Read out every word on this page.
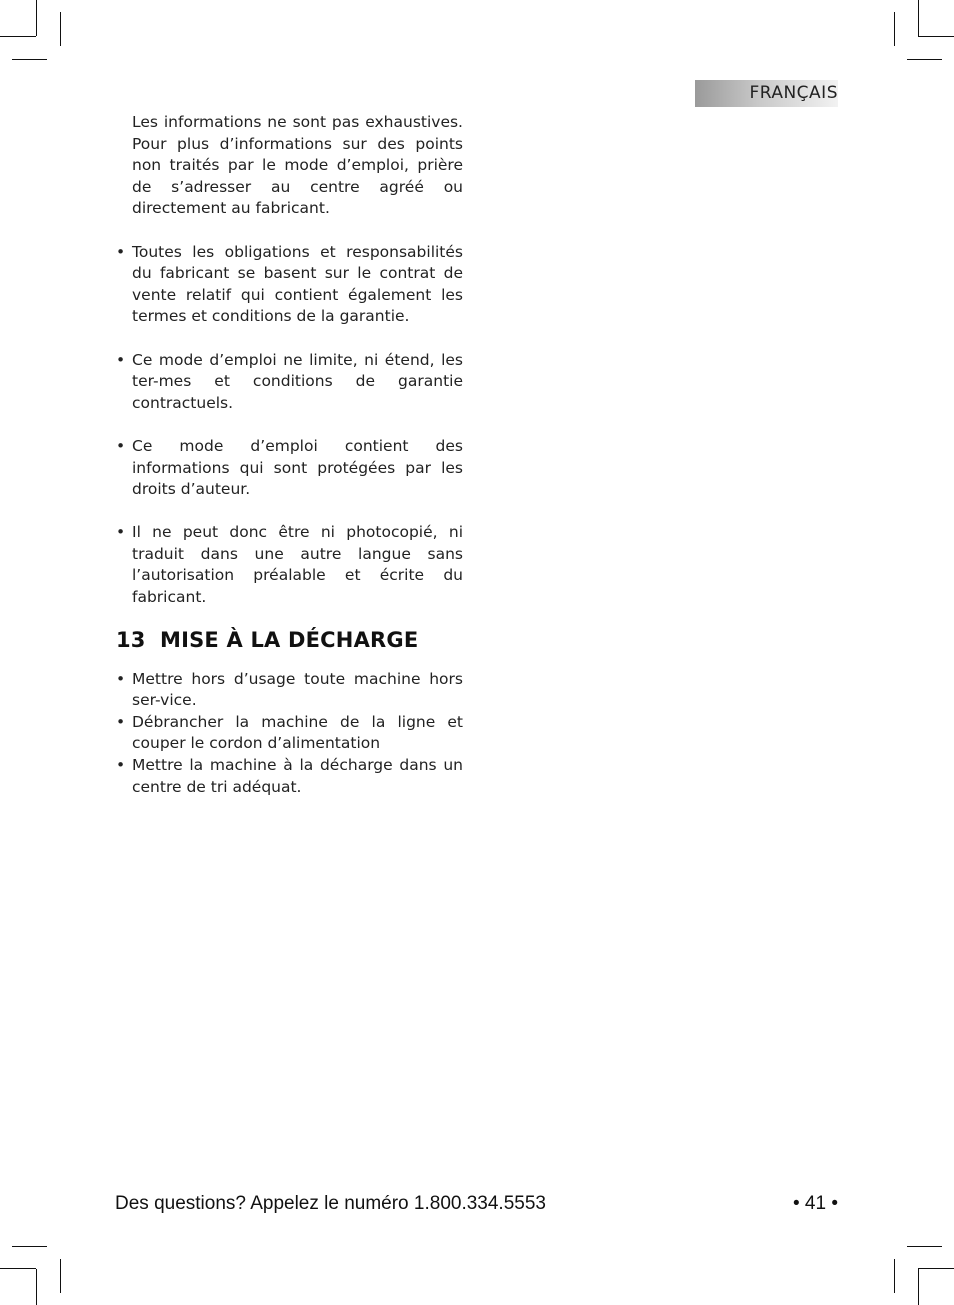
FRANÇAIS

Les informations ne sont pas exhaustives. Pour plus d’informations sur des points non traités par le mode d’emploi, prière de s’adresser au centre agréé ou directement au fabricant.

• Toutes les obligations et responsabilités du fabricant se basent sur le contrat de vente relatif qui contient également les termes et conditions de la garantie.

• Ce mode d’emploi ne limite, ni étend, les ter-mes et conditions de garantie contractuels.

• Ce mode d’emploi contient des informations qui sont protégées par les droits d’auteur.

• Il ne peut donc être ni photocopié, ni traduit dans une autre langue sans l’autorisation préalable et écrite du fabricant.

13 MISE À LA DÉCHARGE

• Mettre hors d’usage toute machine hors ser-vice.

• Débrancher la machine de la ligne et couper le cordon d’alimentation

• Mettre la machine à la décharge dans un centre de tri adéquat.

Des questions? Appelez le numéro 1.800.334.5553	• 41 •
